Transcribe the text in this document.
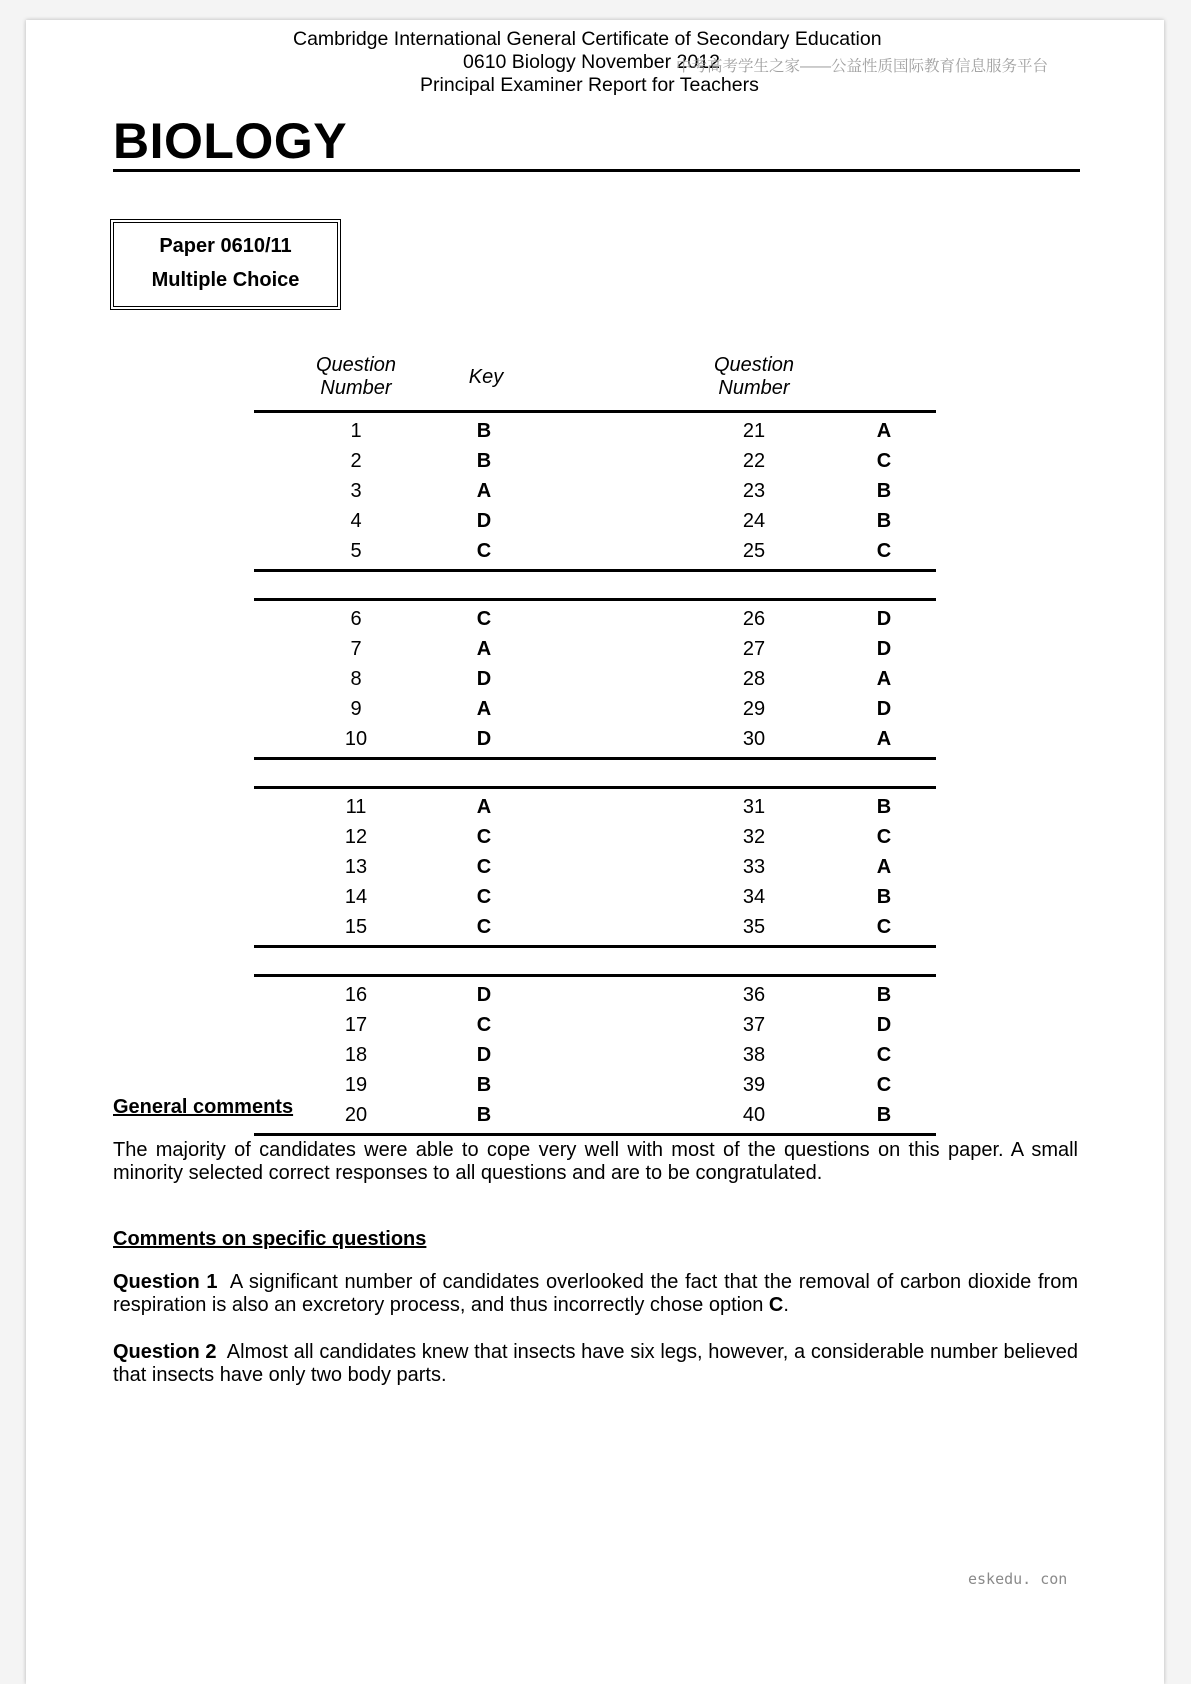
Cambridge International General Certificate of Secondary Education
0610 Biology November 2012
Principal Examiner Report for Teachers
中考高考学生之家——公益性质国际教育信息服务平台
BIOLOGY
Paper 0610/11
Multiple Choice
Question
Number	Key
Question
Number
1	B	21	A
2	B	22	C
3	A	23	B
4	D	24	B
5	C	25	C
6	C	26	D
7	A	27	D
8	D	28	A
9	A	29	D
10	D	30	A
11	A	31	B
12	C	32	C
13	C	33	A
14	C	34	B
15	C	35	C
16	D	36	B
17	C	37	D
18	D	38	C
19	B	39	C
20	B	40	B
General comments
The majority of candidates were able to cope very well with most of the questions on this paper. A small minority selected correct responses to all questions and are to be congratulated.
Comments on specific questions
Question 1 A significant number of candidates overlooked the fact that the removal of carbon dioxide from respiration is also an excretory process, and thus incorrectly chose option C.
Question 2 Almost all candidates knew that insects have six legs, however, a considerable number believed that insects have only two body parts.
eskedu. con
